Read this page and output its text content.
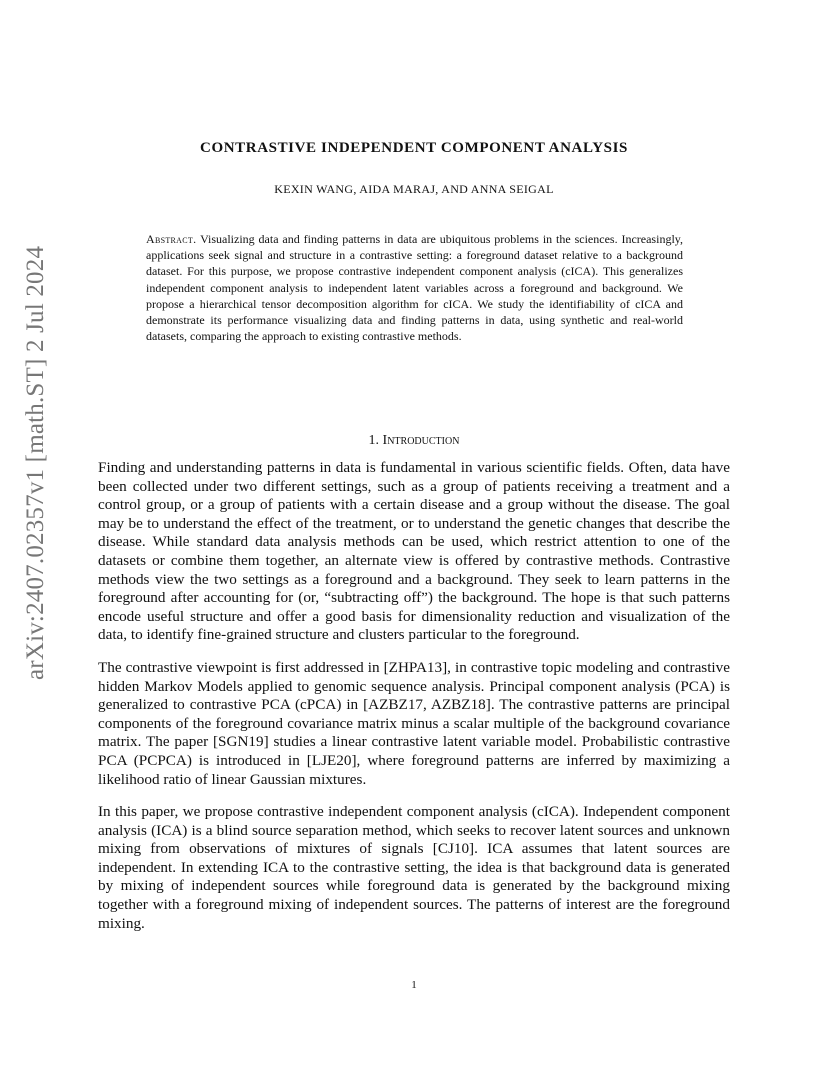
arXiv:2407.02357v1 [math.ST] 2 Jul 2024
CONTRASTIVE INDEPENDENT COMPONENT ANALYSIS
KEXIN WANG, AIDA MARAJ, AND ANNA SEIGAL
Abstract. Visualizing data and finding patterns in data are ubiquitous problems in the sciences. Increasingly, applications seek signal and structure in a contrastive setting: a foreground dataset relative to a background dataset. For this purpose, we propose contrastive independent component analysis (cICA). This generalizes independent component analysis to independent latent variables across a foreground and background. We propose a hierarchical tensor decomposition algorithm for cICA. We study the identifiability of cICA and demonstrate its performance visualizing data and finding patterns in data, using synthetic and real-world datasets, comparing the approach to existing contrastive methods.
1. Introduction

Finding and understanding patterns in data is fundamental in various scientific fields. Often, data have been collected under two different settings, such as a group of patients receiving a treatment and a control group, or a group of patients with a certain disease and a group without the disease. The goal may be to understand the effect of the treatment, or to understand the genetic changes that describe the disease. While standard data analysis methods can be used, which restrict attention to one of the datasets or combine them together, an alternate view is offered by contrastive methods. Contrastive methods view the two settings as a foreground and a background. They seek to learn patterns in the foreground after accounting for (or, “subtracting off”) the background. The hope is that such patterns encode useful structure and offer a good basis for dimensionality reduction and visualization of the data, to identify fine-grained structure and clusters particular to the foreground.

The contrastive viewpoint is first addressed in [ZHPA13], in contrastive topic modeling and contrastive hidden Markov Models applied to genomic sequence analysis. Principal component analysis (PCA) is generalized to contrastive PCA (cPCA) in [AZBZ17, AZBZ18]. The contrastive patterns are principal components of the foreground covariance matrix minus a scalar multiple of the background covariance matrix. The paper [SGN19] studies a linear contrastive latent variable model. Probabilistic contrastive PCA (PCPCA) is introduced in [LJE20], where foreground patterns are inferred by maximizing a likelihood ratio of linear Gaussian mixtures.

In this paper, we propose contrastive independent component analysis (cICA). Independent component analysis (ICA) is a blind source separation method, which seeks to recover latent sources and unknown mixing from observations of mixtures of signals [CJ10]. ICA assumes that latent sources are independent. In extending ICA to the contrastive setting, the idea is that background data is generated by mixing of independent sources while foreground data is generated by the background mixing together with a foreground mixing of independent sources. The patterns of interest are the foreground mixing.

1
